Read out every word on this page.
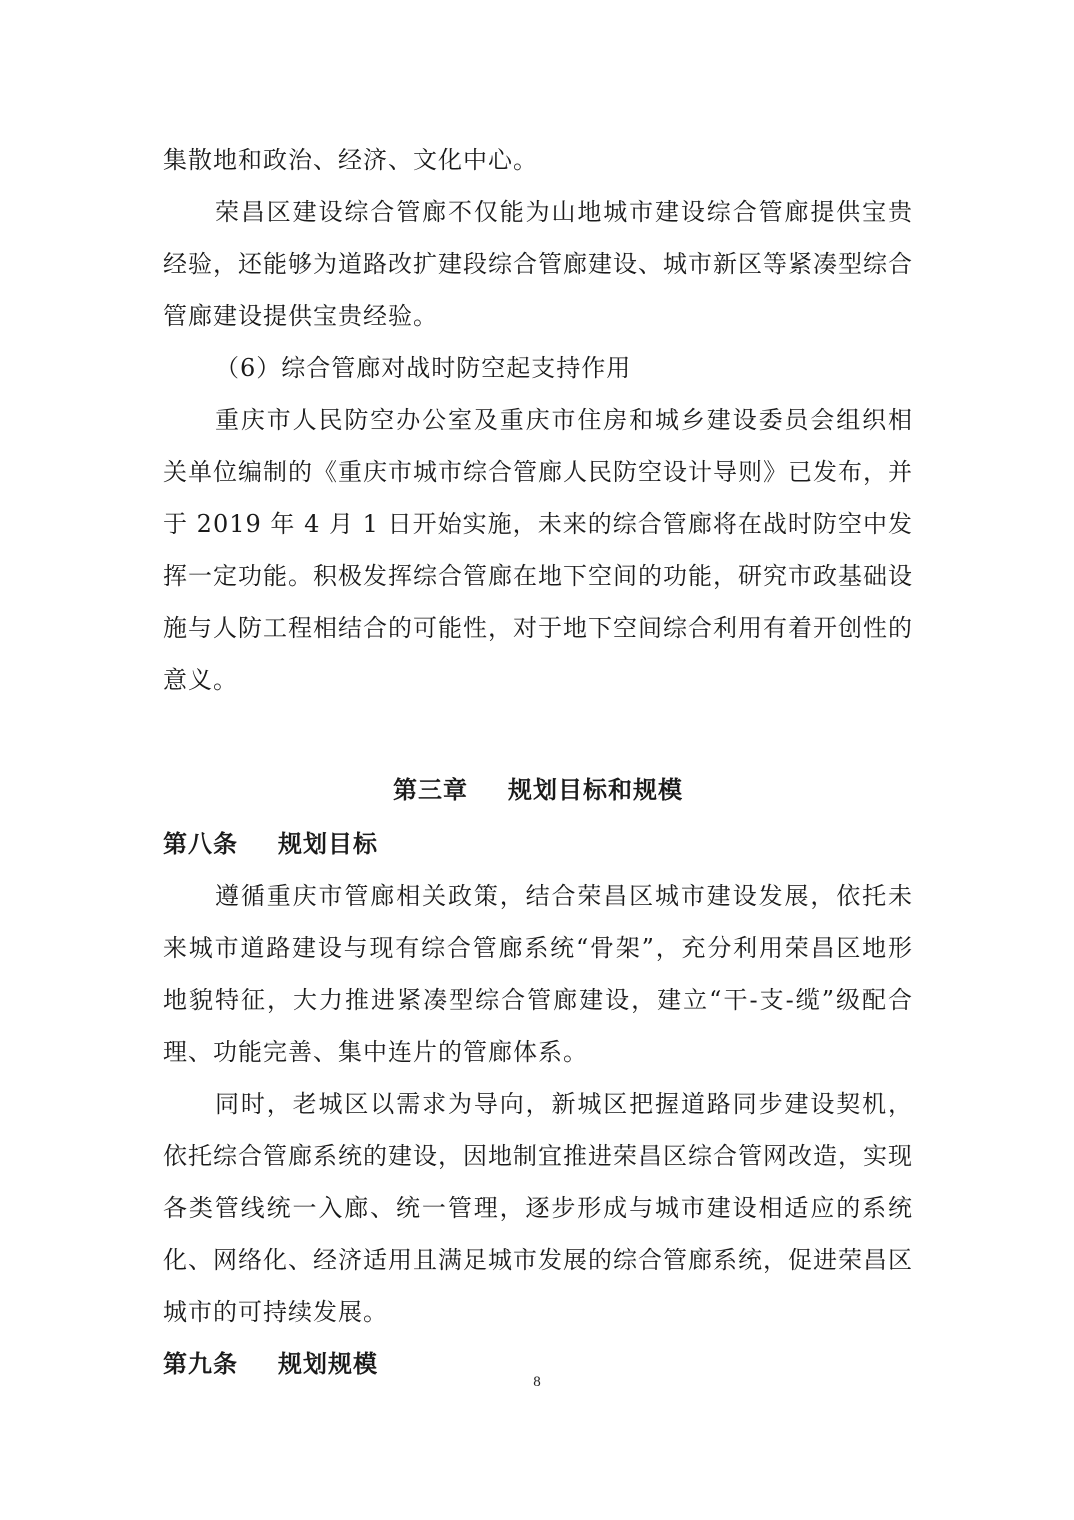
集散地和政治、经济、文化中心。

荣昌区建设综合管廊不仅能为山地城市建设综合管廊提供宝贵经验，还能够为道路改扩建段综合管廊建设、城市新区等紧凑型综合管廊建设提供宝贵经验。

（6）综合管廊对战时防空起支持作用

重庆市人民防空办公室及重庆市住房和城乡建设委员会组织相关单位编制的《重庆市城市综合管廊人民防空设计导则》已发布，并于 2019 年 4 月 1 日开始实施，未来的综合管廊将在战时防空中发挥一定功能。积极发挥综合管廊在地下空间的功能，研究市政基础设施与人防工程相结合的可能性，对于地下空间综合利用有着开创性的意义。

第三章 规划目标和规模
第八条 规划目标

遵循重庆市管廊相关政策，结合荣昌区城市建设发展，依托未来城市道路建设与现有综合管廊系统“骨架”，充分利用荣昌区地形地貌特征，大力推进紧凑型综合管廊建设，建立“干-支-缆”级配合理、功能完善、集中连片的管廊体系。

同时，老城区以需求为导向，新城区把握道路同步建设契机，依托综合管廊系统的建设，因地制宜推进荣昌区综合管网改造，实现各类管线统一入廊、统一管理，逐步形成与城市建设相适应的系统化、网络化、经济适用且满足城市发展的综合管廊系统，促进荣昌区城市的可持续发展。

第九条 规划规模
8
